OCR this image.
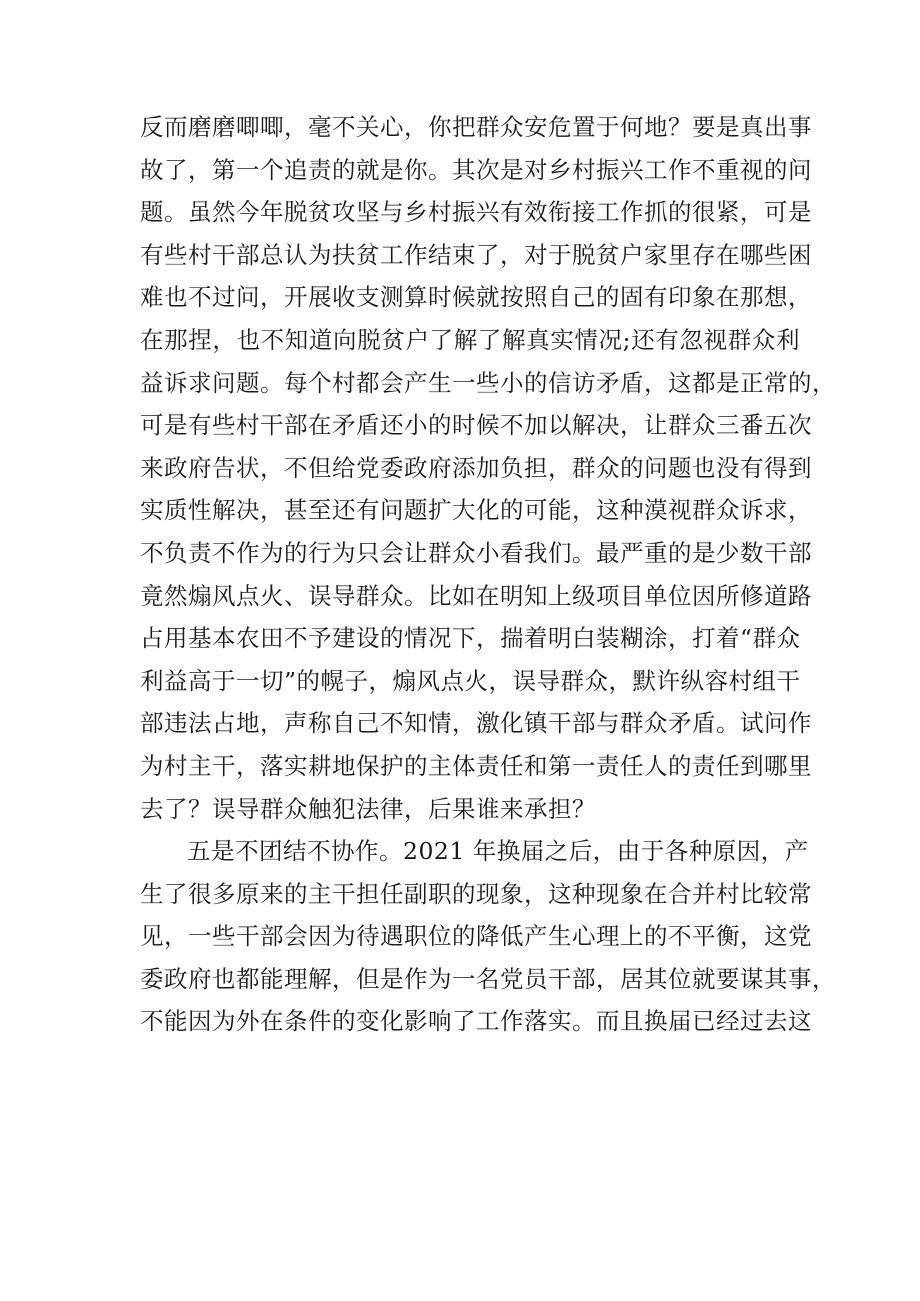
反而磨磨唧唧，毫不关心，你把群众安危置于何地？要是真出事
故了，第一个追责的就是你。其次是对乡村振兴工作不重视的问
题。虽然今年脱贫攻坚与乡村振兴有效衔接工作抓的很紧，可是
有些村干部总认为扶贫工作结束了，对于脱贫户家里存在哪些困
难也不过问，开展收支测算时候就按照自己的固有印象在那想，
在那捏，也不知道向脱贫户了解了解真实情况;还有忽视群众利
益诉求问题。每个村都会产生一些小的信访矛盾，这都是正常的，
可是有些村干部在矛盾还小的时候不加以解决，让群众三番五次
来政府告状，不但给党委政府添加负担，群众的问题也没有得到
实质性解决，甚至还有问题扩大化的可能，这种漠视群众诉求，
不负责不作为的行为只会让群众小看我们。最严重的是少数干部
竟然煽风点火、误导群众。比如在明知上级项目单位因所修道路
占用基本农田不予建设的情况下，揣着明白装糊涂，打着“群众
利益高于一切”的幌子，煽风点火，误导群众，默许纵容村组干
部违法占地，声称自己不知情，激化镇干部与群众矛盾。试问作
为村主干，落实耕地保护的主体责任和第一责任人的责任到哪里
去了？误导群众触犯法律，后果谁来承担？
五是不团结不协作。2021 年换届之后，由于各种原因，产
生了很多原来的主干担任副职的现象，这种现象在合并村比较常
见，一些干部会因为待遇职位的降低产生心理上的不平衡，这党
委政府也都能理解，但是作为一名党员干部，居其位就要谋其事，
不能因为外在条件的变化影响了工作落实。而且换届已经过去这
